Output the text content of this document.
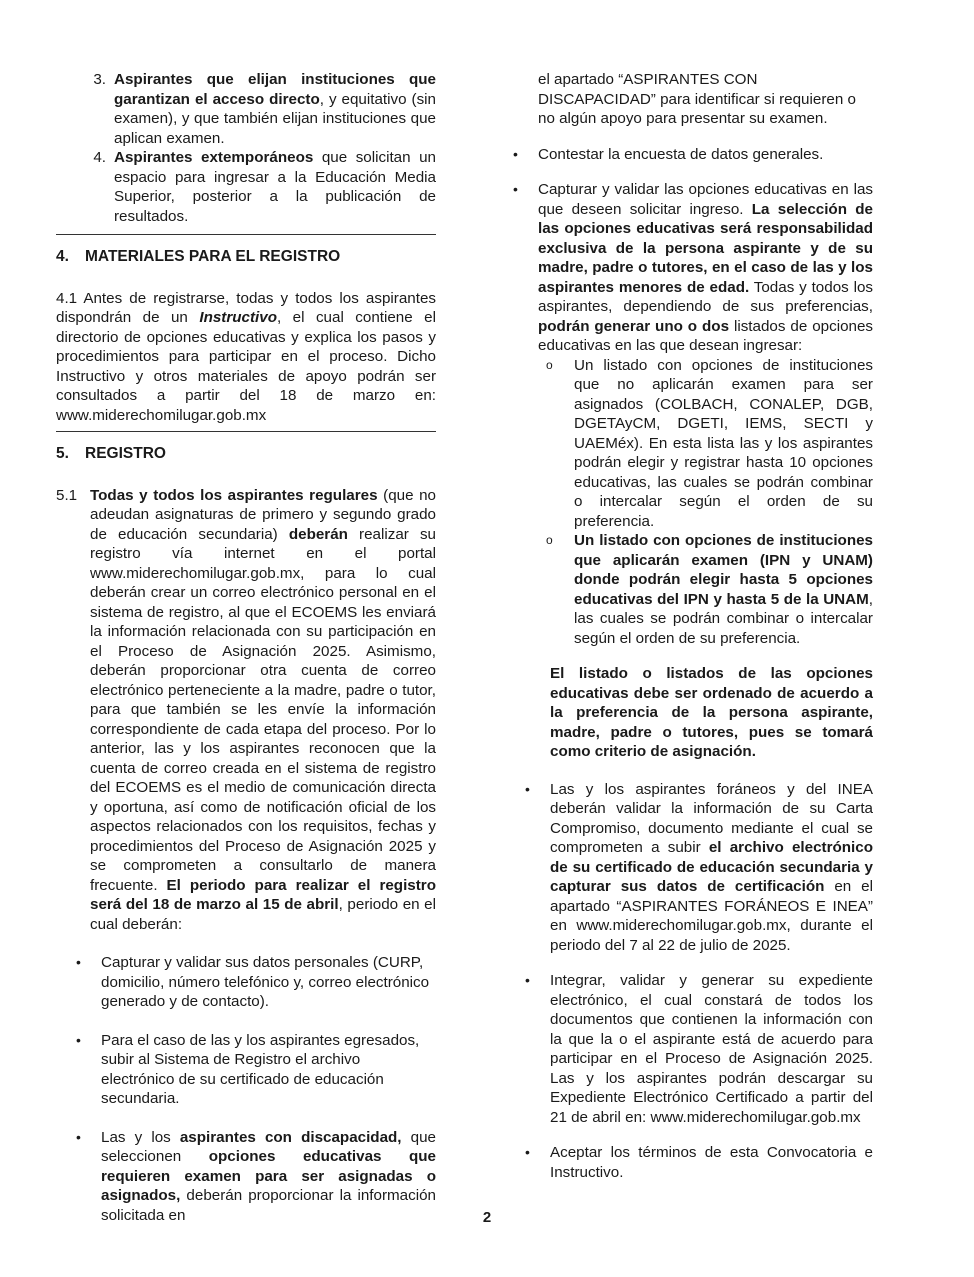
3. Aspirantes que elijan instituciones que garantizan el acceso directo, y equitativo (sin examen), y que también elijan instituciones que aplican examen.

4. Aspirantes extemporáneos que solicitan un espacio para ingresar a la Educación Media Superior, posterior a la publicación de resultados.

4. MATERIALES PARA EL REGISTRO

4.1 Antes de registrarse, todas y todos los aspirantes dispondrán de un Instructivo, el cual contiene el directorio de opciones educativas y explica los pasos y procedimientos para participar en el proceso. Dicho Instructivo y otros materiales de apoyo podrán ser consultados a partir del 18 de marzo en: www.miderechomilugar.gob.mx

5. REGISTRO
5.1 Todas y todos los aspirantes regulares (que no adeudan asignaturas de primero y segundo grado de educación secundaria) deberán realizar su registro vía internet en el portal www.miderechomilugar.gob.mx, para lo cual deberán crear un correo electrónico personal en el sistema de registro, al que el ECOEMS les enviará la información relacionada con su participación en el Proceso de Asignación 2025. Asimismo, deberán proporcionar otra cuenta de correo electrónico perteneciente a la madre, padre o tutor, para que también se les envíe la información correspondiente de cada etapa del proceso. Por lo anterior, las y los aspirantes reconocen que la cuenta de correo creada en el sistema de registro del ECOEMS es el medio de comunicación directa y oportuna, así como de notificación oficial de los aspectos relacionados con los requisitos, fechas y procedimientos del Proceso de Asignación 2025 y se comprometen a consultarlo de manera frecuente. El periodo para realizar el registro será del 18 de marzo al 15 de abril, periodo en el cual deberán:

•	Capturar y validar sus datos personales (CURP, domicilio, número telefónico y, correo electrónico generado y de contacto).

•	Para el caso de las y los aspirantes egresados, subir al Sistema de Registro el archivo electrónico de su certificado de educación secundaria.

•	Las y los aspirantes con discapacidad, que seleccionen opciones educativas que requieren examen para ser asignadas o asignados, deberán proporcionar la información solicitada en

el apartado “ASPIRANTES CON DISCAPACIDAD” para identificar si requieren o no algún apoyo para presentar su examen.

•	Contestar la encuesta de datos generales.

•	Capturar y validar las opciones educativas en las que deseen solicitar ingreso. La selección de las opciones educativas será responsabilidad exclusiva de la persona aspirante y de su madre, padre o tutores, en el caso de las y los aspirantes menores de edad. Todas y todos los aspirantes, dependiendo de sus preferencias, podrán generar uno o dos listados de opciones educativas en las que desean ingresar:

o	Un listado con opciones de instituciones que no aplicarán examen para ser asignados (COLBACH, CONALEP, DGB, DGETAyCM, DGETI, IEMS, SECTI y UAEMéx). En esta lista las y los aspirantes podrán elegir y registrar hasta 10 opciones educativas, las cuales se podrán combinar o intercalar según el orden de su preferencia.

o	Un listado con opciones de instituciones que aplicarán examen (IPN y UNAM) donde podrán elegir hasta 5 opciones educativas del IPN y hasta 5 de la UNAM, las cuales se podrán combinar o intercalar según el orden de su preferencia.

El listado o listados de las opciones educativas debe ser ordenado de acuerdo a la preferencia de la persona aspirante, madre, padre o tutores, pues se tomará como criterio de asignación.

•	Las y los aspirantes foráneos y del INEA deberán validar la información de su Carta Compromiso, documento mediante el cual se comprometen a subir el archivo electrónico de su certificado de educación secundaria y capturar sus datos de certificación en el apartado “ASPIRANTES FORÁNEOS E INEA” en www.miderechomilugar.gob.mx, durante el periodo del 7 al 22 de julio de 2025.

•	Integrar, validar y generar su expediente electrónico, el cual constará de todos los documentos que contienen la información con la que la o el aspirante está de acuerdo para participar en el Proceso de Asignación 2025. Las y los aspirantes podrán descargar su Expediente Electrónico Certificado a partir del 21 de abril en: www.miderechomilugar.gob.mx

•	Aceptar los términos de esta Convocatoria e Instructivo.

2
